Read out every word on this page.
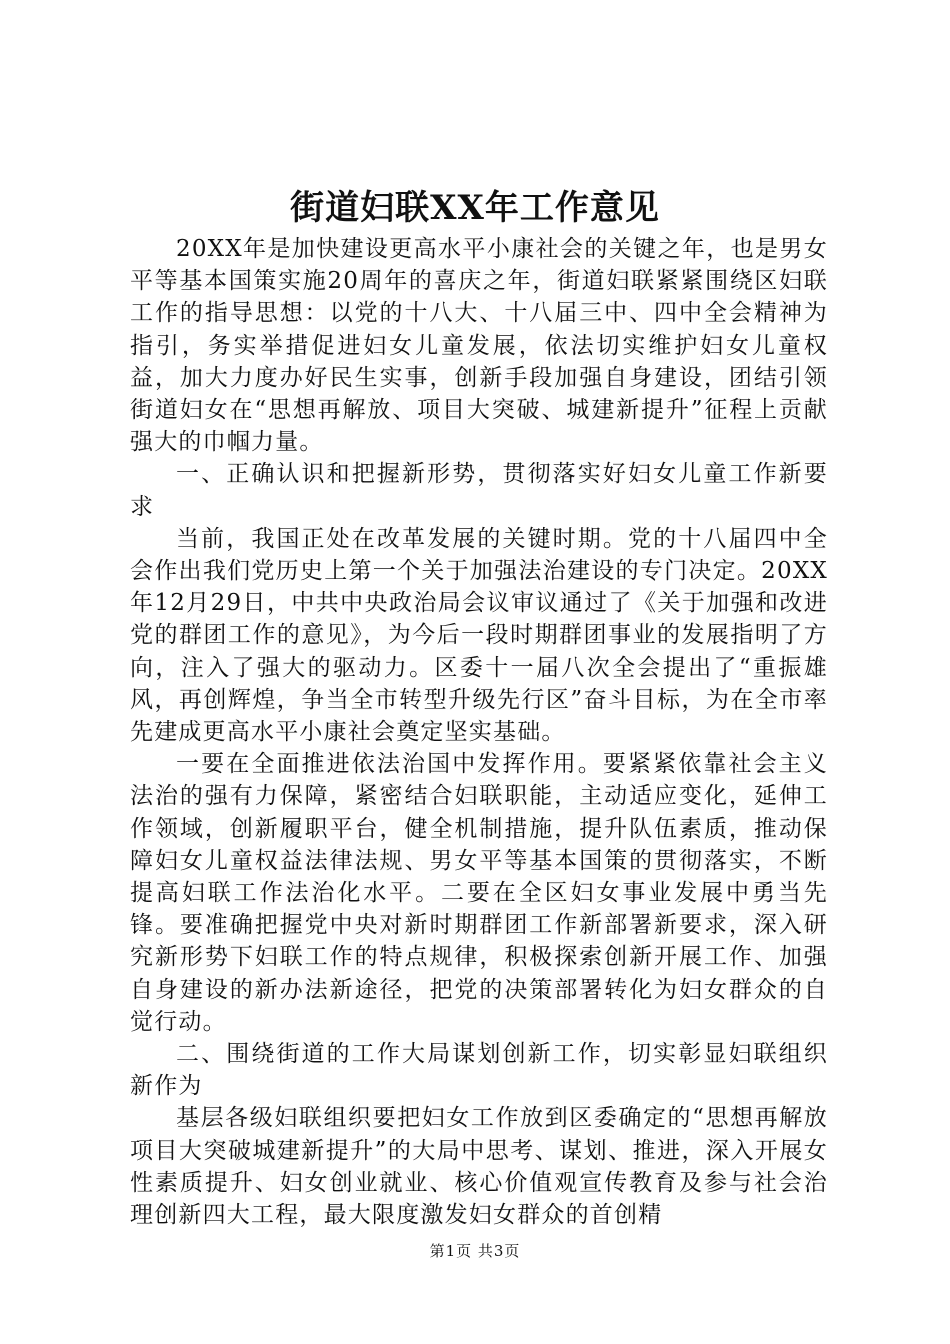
街道妇联XX年工作意见

20XX年是加快建设更高水平小康社会的关键之年，也是男女平等基本国策实施20周年的喜庆之年，街道妇联紧紧围绕区妇联工作的指导思想：以党的十八大、十八届三中、四中全会精神为指引，务实举措促进妇女儿童发展，依法切实维护妇女儿童权益，加大力度办好民生实事，创新手段加强自身建设，团结引领街道妇女在“思想再解放、项目大突破、城建新提升”征程上贡献强大的巾帼力量。

一、正确认识和把握新形势，贯彻落实好妇女儿童工作新要求

当前，我国正处在改革发展的关键时期。党的十八届四中全会作出我们党历史上第一个关于加强法治建设的专门决定。20XX年12月29日，中共中央政治局会议审议通过了《关于加强和改进党的群团工作的意见》，为今后一段时期群团事业的发展指明了方向，注入了强大的驱动力。区委十一届八次全会提出了“重振雄风，再创辉煌，争当全市转型升级先行区”奋斗目标，为在全市率先建成更高水平小康社会奠定坚实基础。

一要在全面推进依法治国中发挥作用。要紧紧依靠社会主义法治的强有力保障，紧密结合妇联职能，主动适应变化，延伸工作领域，创新履职平台，健全机制措施，提升队伍素质，推动保障妇女儿童权益法律法规、男女平等基本国策的贯彻落实，不断提高妇联工作法治化水平。二要在全区妇女事业发展中勇当先锋。要准确把握党中央对新时期群团工作新部署新要求，深入研究新形势下妇联工作的特点规律，积极探索创新开展工作、加强自身建设的新办法新途径，把党的决策部署转化为妇女群众的自觉行动。

二、围绕街道的工作大局谋划创新工作，切实彰显妇联组织新作为

基层各级妇联组织要把妇女工作放到区委确定的“思想再解放项目大突破城建新提升”的大局中思考、谋划、推进，深入开展女性素质提升、妇女创业就业、核心价值观宣传教育及参与社会治理创新四大工程，最大限度激发妇女群众的首创精

第1页 共3页
